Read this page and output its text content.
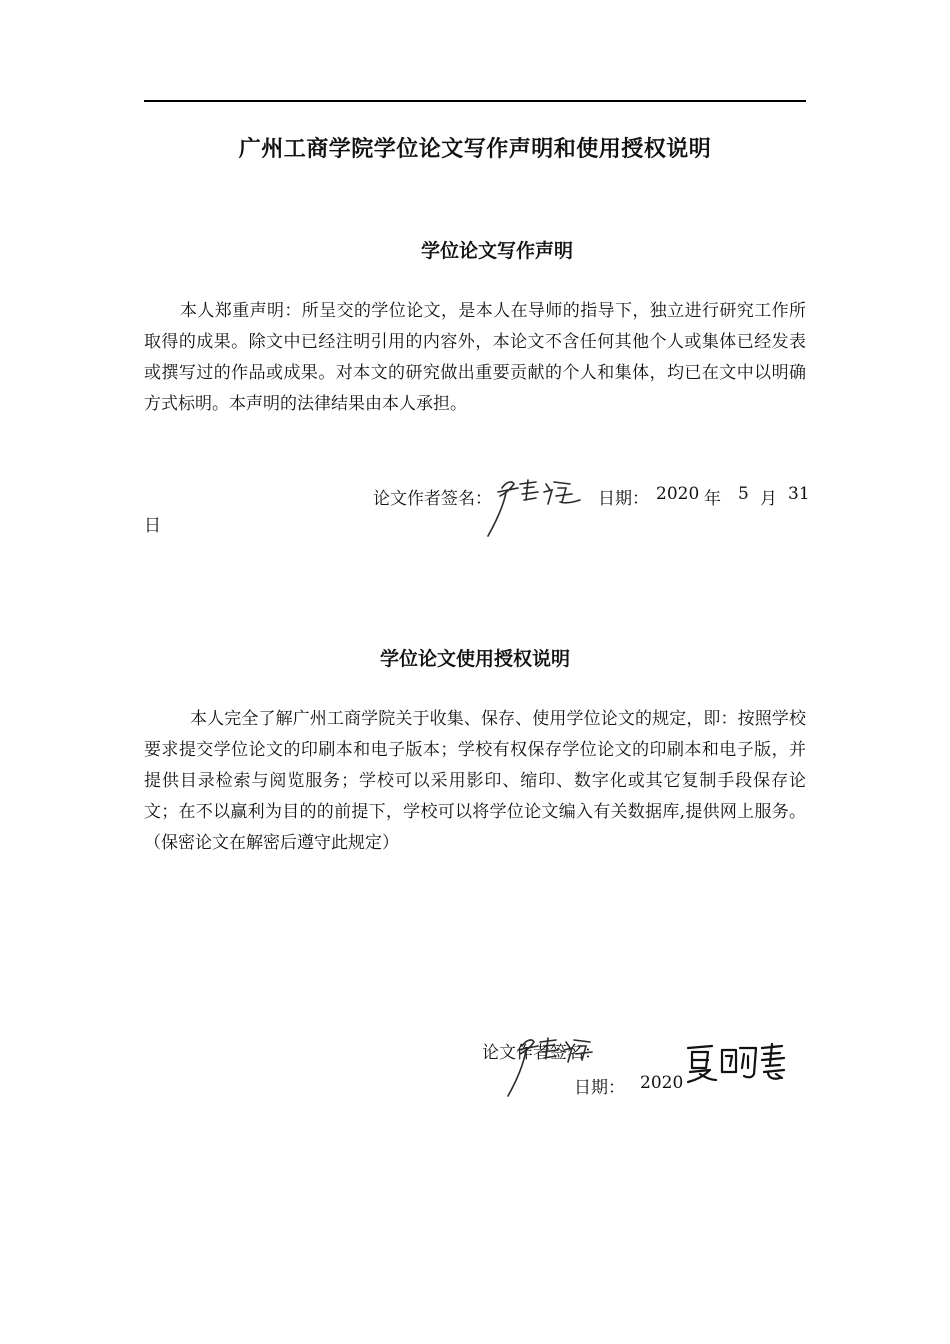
广州工商学院学位论文写作声明和使用授权说明
学位论文写作声明

本人郑重声明：所呈交的学位论文，是本人在导师的指导下，独立进行研究工作所取得的成果。除文中已经注明引用的内容外，本论文不含任何其他个人或集体已经发表或撰写过的作品或成果。对本文的研究做出重要贡献的个人和集体，均已在文中以明确方式标明。本声明的法律结果由本人承担。

论文作者签名：	日期： 2020 年 5 月 31
日
学位论文使用授权说明

本人完全了解广州工商学院关于收集、保存、使用学位论文的规定，即：按照学校要求提交学位论文的印刷本和电子版本；学校有权保存学位论文的印刷本和电子版，并提供目录检索与阅览服务；学校可以采用影印、缩印、数字化或其它复制手段保存论文；在不以赢利为目的的前提下，学校可以将学位论文编入有关数据库,提供网上服务。（保密论文在解密后遵守此规定）

论文作者签名：
日期： 2020
